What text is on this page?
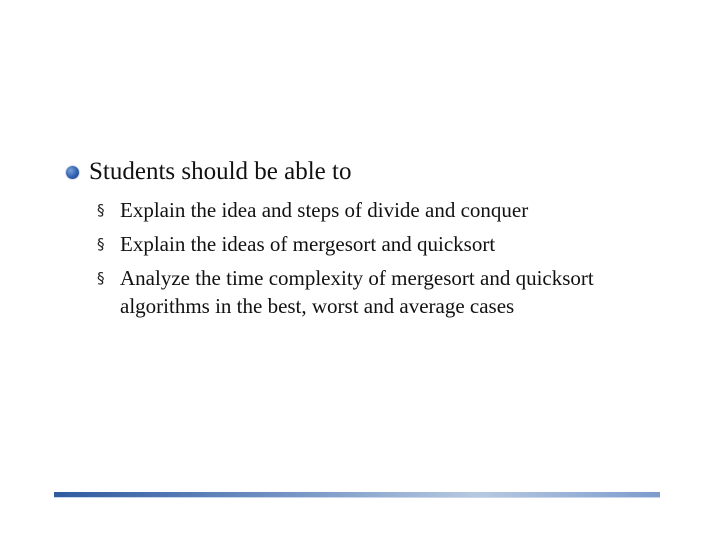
Students should be able to
§ Explain the idea and steps of divide and conquer
§ Explain the ideas of mergesort and quicksort
§ Analyze the time complexity of mergesort and quicksort algorithms in the best, worst and average cases
